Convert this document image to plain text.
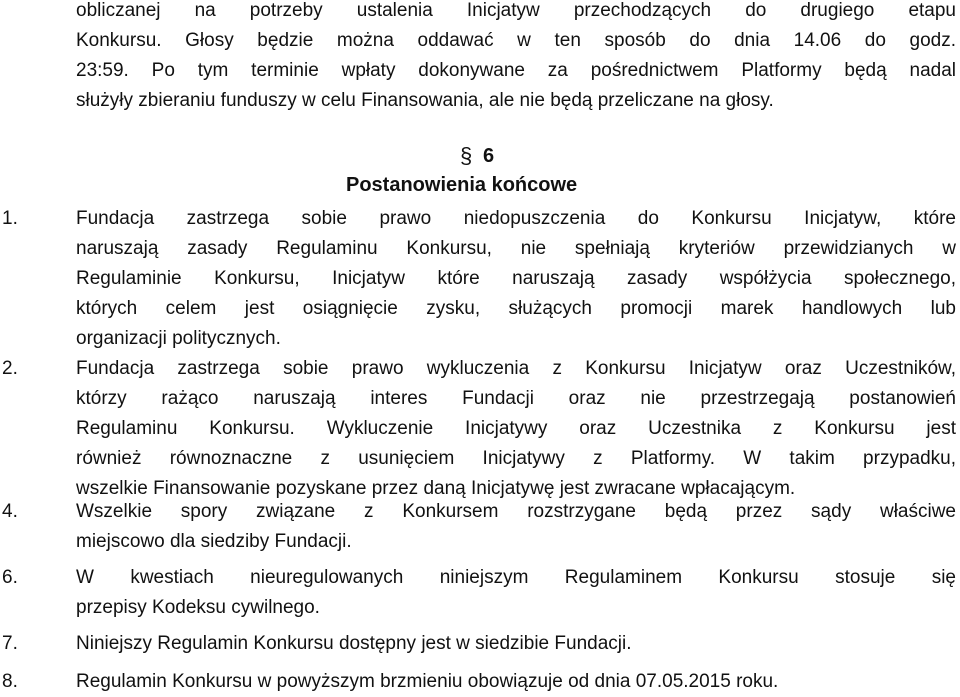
obliczanej na potrzeby ustalenia Inicjatyw przechodzących do drugiego etapu
Konkursu. Głosy będzie można oddawać w ten sposób do dnia 14.06 do godz.
23:59. Po tym terminie wpłaty dokonywane za pośrednictwem Platformy będą nadal
służyły zbieraniu funduszy w celu Finansowania, ale nie będą przeliczane na głosy.
§ 6
Postanowienia końcowe
1.	Fundacja zastrzega sobie prawo niedopuszczenia do Konkursu Inicjatyw, które
naruszają zasady Regulaminu Konkursu, nie spełniają kryteriów przewidzianych w
Regulaminie Konkursu, Inicjatyw które naruszają zasady współżycia społecznego,
których celem jest osiągnięcie zysku, służących promocji marek handlowych lub
organizacji politycznych.
2.	Fundacja zastrzega sobie prawo wykluczenia z Konkursu Inicjatyw oraz Uczestników,
którzy rażąco naruszają interes Fundacji oraz nie przestrzegają postanowień
Regulaminu Konkursu. Wykluczenie Inicjatywy oraz Uczestnika z Konkursu jest
również równoznaczne z usunięciem Inicjatywy z Platformy. W takim przypadku,
wszelkie Finansowanie pozyskane przez daną Inicjatywę jest zwracane wpłacającym.
4.	Wszelkie spory związane z Konkursem rozstrzygane będą przez sądy właściwe
miejscowo dla siedziby Fundacji.
6.	W kwestiach nieuregulowanych niniejszym Regulaminem Konkursu stosuje się
przepisy Kodeksu cywilnego.
7.	Niniejszy Regulamin Konkursu dostępny jest w siedzibie Fundacji.
8.	Regulamin Konkursu w powyższym brzmieniu obowiązuje od dnia 07.05.2015 roku.
